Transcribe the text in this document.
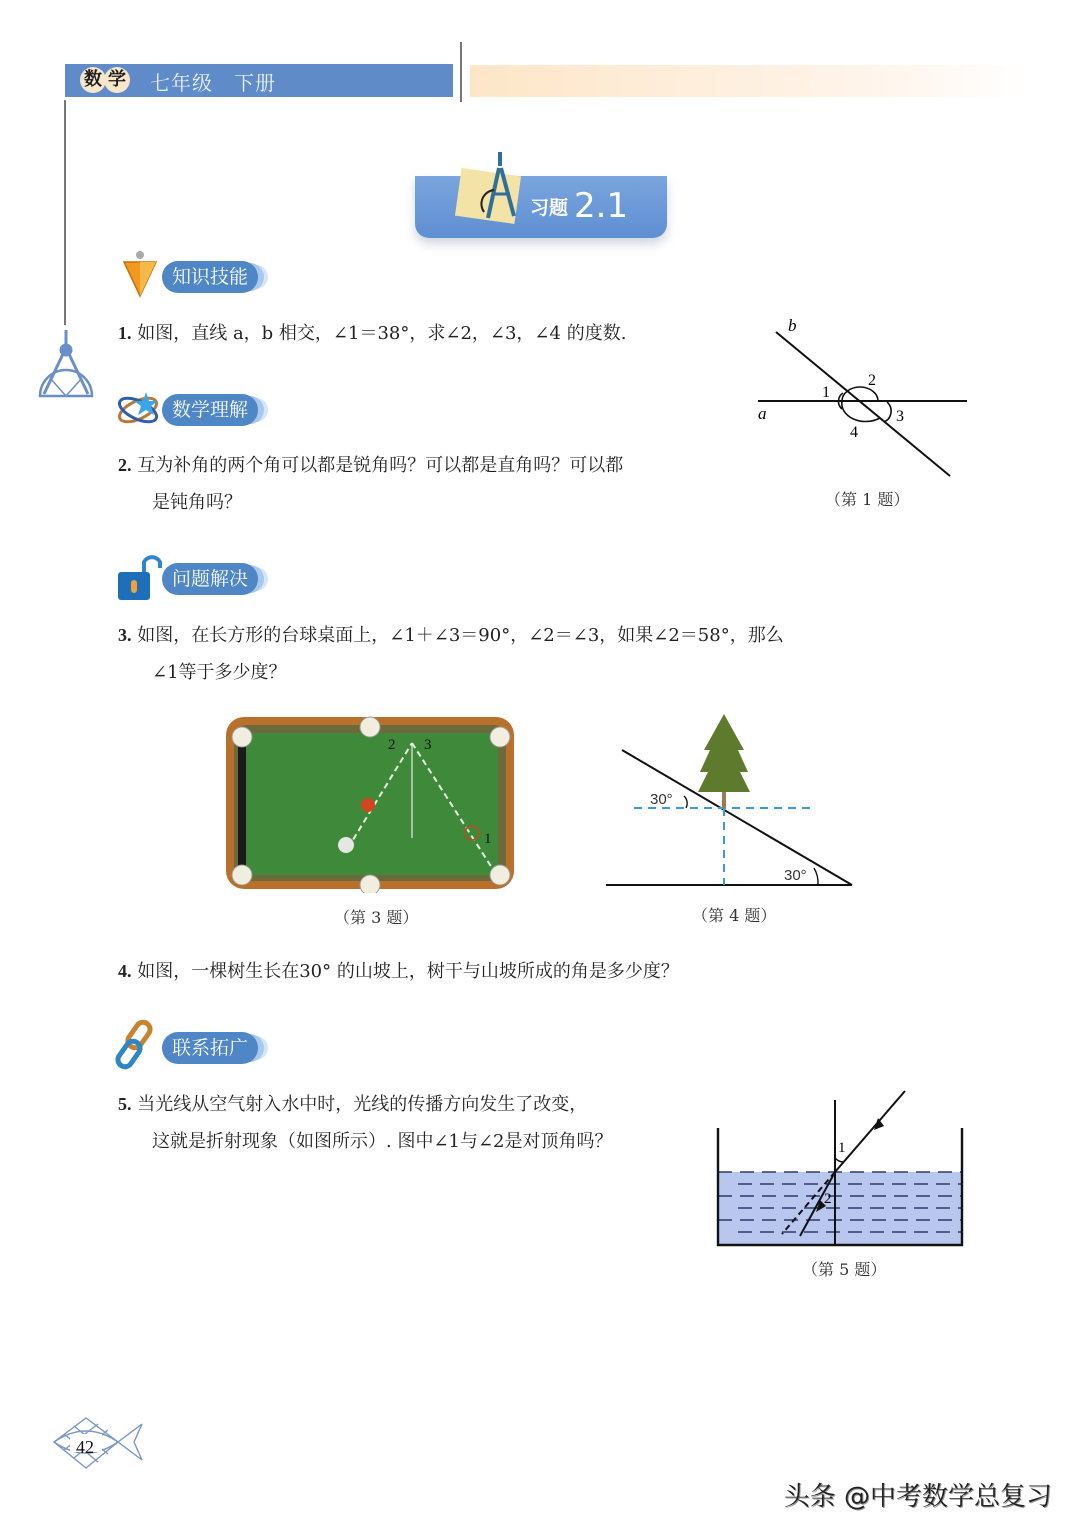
数 学 七年级　下册
习题 2.1
知识技能
1. 如图，直线 a，b 相交，∠1＝38°，求∠2，∠3，∠4 的度数.	b
a
1
2
3
4
（第 1 题）
数学理解
2. 互为补角的两个角可以都是锐角吗？可以都是直角吗？可以都
是钝角吗？
问题解决
3. 如图，在长方形的台球桌面上，∠1＋∠3＝90°，∠2＝∠3，如果∠2＝58°，那么
∠1等于多少度？
2 3
1
（第 3 题）
30°
30°
（第 4 题）
4. 如图，一棵树生长在30° 的山坡上，树干与山坡所成的角是多少度？
联系拓广
5. 当光线从空气射入水中时，光线的传播方向发生了改变，
这就是折射现象（如图所示）. 图中∠1与∠2是对顶角吗？	1
2
（第 5 题）
42
头条 @中考数学总复习
